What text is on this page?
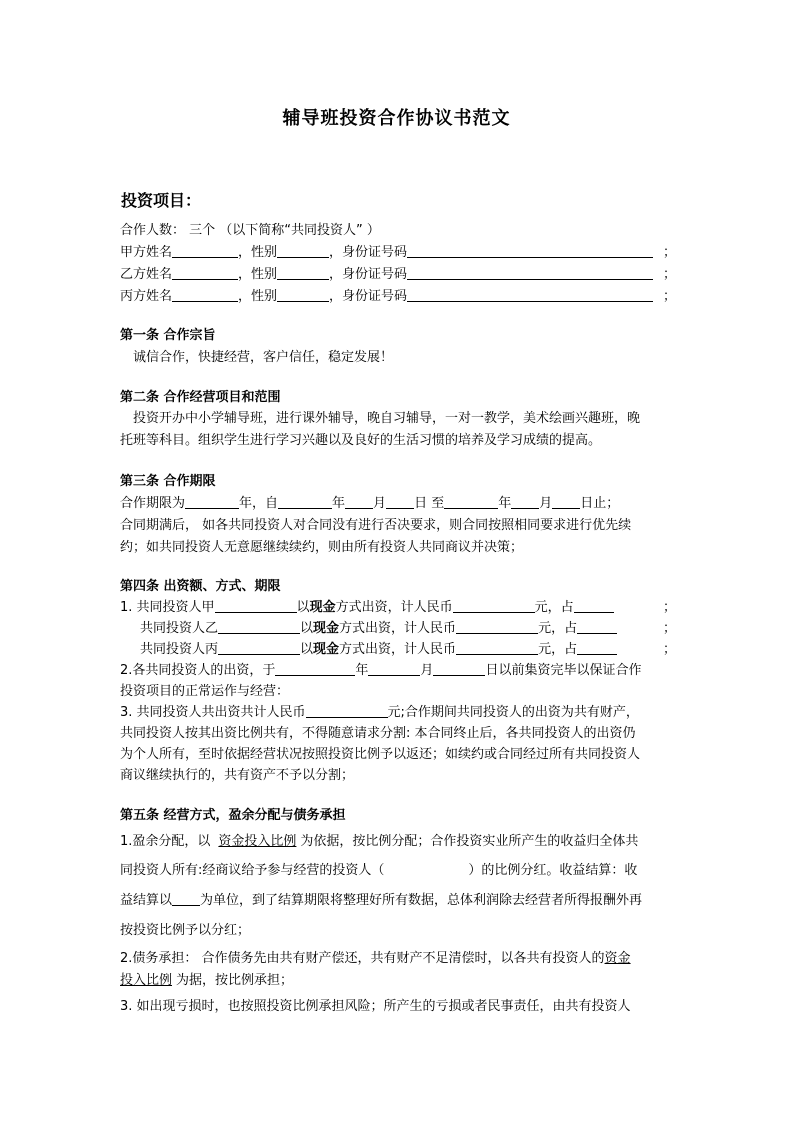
辅导班投资合作协议书范文
投资项目：
合作人数： 三个 （以下简称“共同投资人” ）
甲方姓名	，性别	，身份证号码	；
乙方姓名	，性别	，身份证号码	；
丙方姓名	，性别	，身份证号码	；
第一条 合作宗旨
诚信合作，快捷经营，客户信任，稳定发展！
第二条 合作经营项目和范围
投资开办中小学辅导班，进行课外辅导，晚自习辅导，一对一教学，美术绘画兴趣班，晚
托班等科目。组织学生进行学习兴趣以及良好的生活习惯的培养及学习成绩的提高。
第三条 合作期限
合作期限为	年，自	年 月 日 至	年 月 日止；
合同期满后， 如各共同投资人对合同没有进行否决要求，则合同按照相同要求进行优先续
约；如共同投资人无意愿继续续约，则由所有投资人共同商议并决策；
第四条 出资额、方式、期限
1. 共同投资人甲	以现金方式出资，计人民币	元，占	；
共同投资人乙	以现金方式出资，计人民币	元，占	；
共同投资人丙	以现金方式出资，计人民币	元，占	；
2.各共同投资人的出资，于	年	月	日以前集资完毕以保证合作
投资项目的正常运作与经营：
3. 共同投资人共出资共计人民币	元;合作期间共同投资人的出资为共有财产，
共同投资人按其出资比例共有，不得随意请求分割: 本合同终止后，各共同投资人的出资仍
为个人所有，至时依据经营状况按照投资比例予以返还；如续约或合同经过所有共同投资人
商议继续执行的，共有资产不予以分割；
第五条 经营方式，盈余分配与债务承担
1.盈余分配，以 资金投入比例 为依据，按比例分配；合作投资实业所产生的收益归全体共
同投资人所有:经商议给予参与经营的投资人（	）的比例分红。收益结算：收
益结算以 为单位，到了结算期限将整理好所有数据，总体利润除去经营者所得报酬外再
按投资比例予以分红；
2.债务承担： 合作债务先由共有财产偿还，共有财产不足清偿时，以各共有投资人的资金
投入比例 为据，按比例承担；
3. 如出现亏损时，也按照投资比例承担风险；所产生的亏损或者民事责任，由共有投资人
